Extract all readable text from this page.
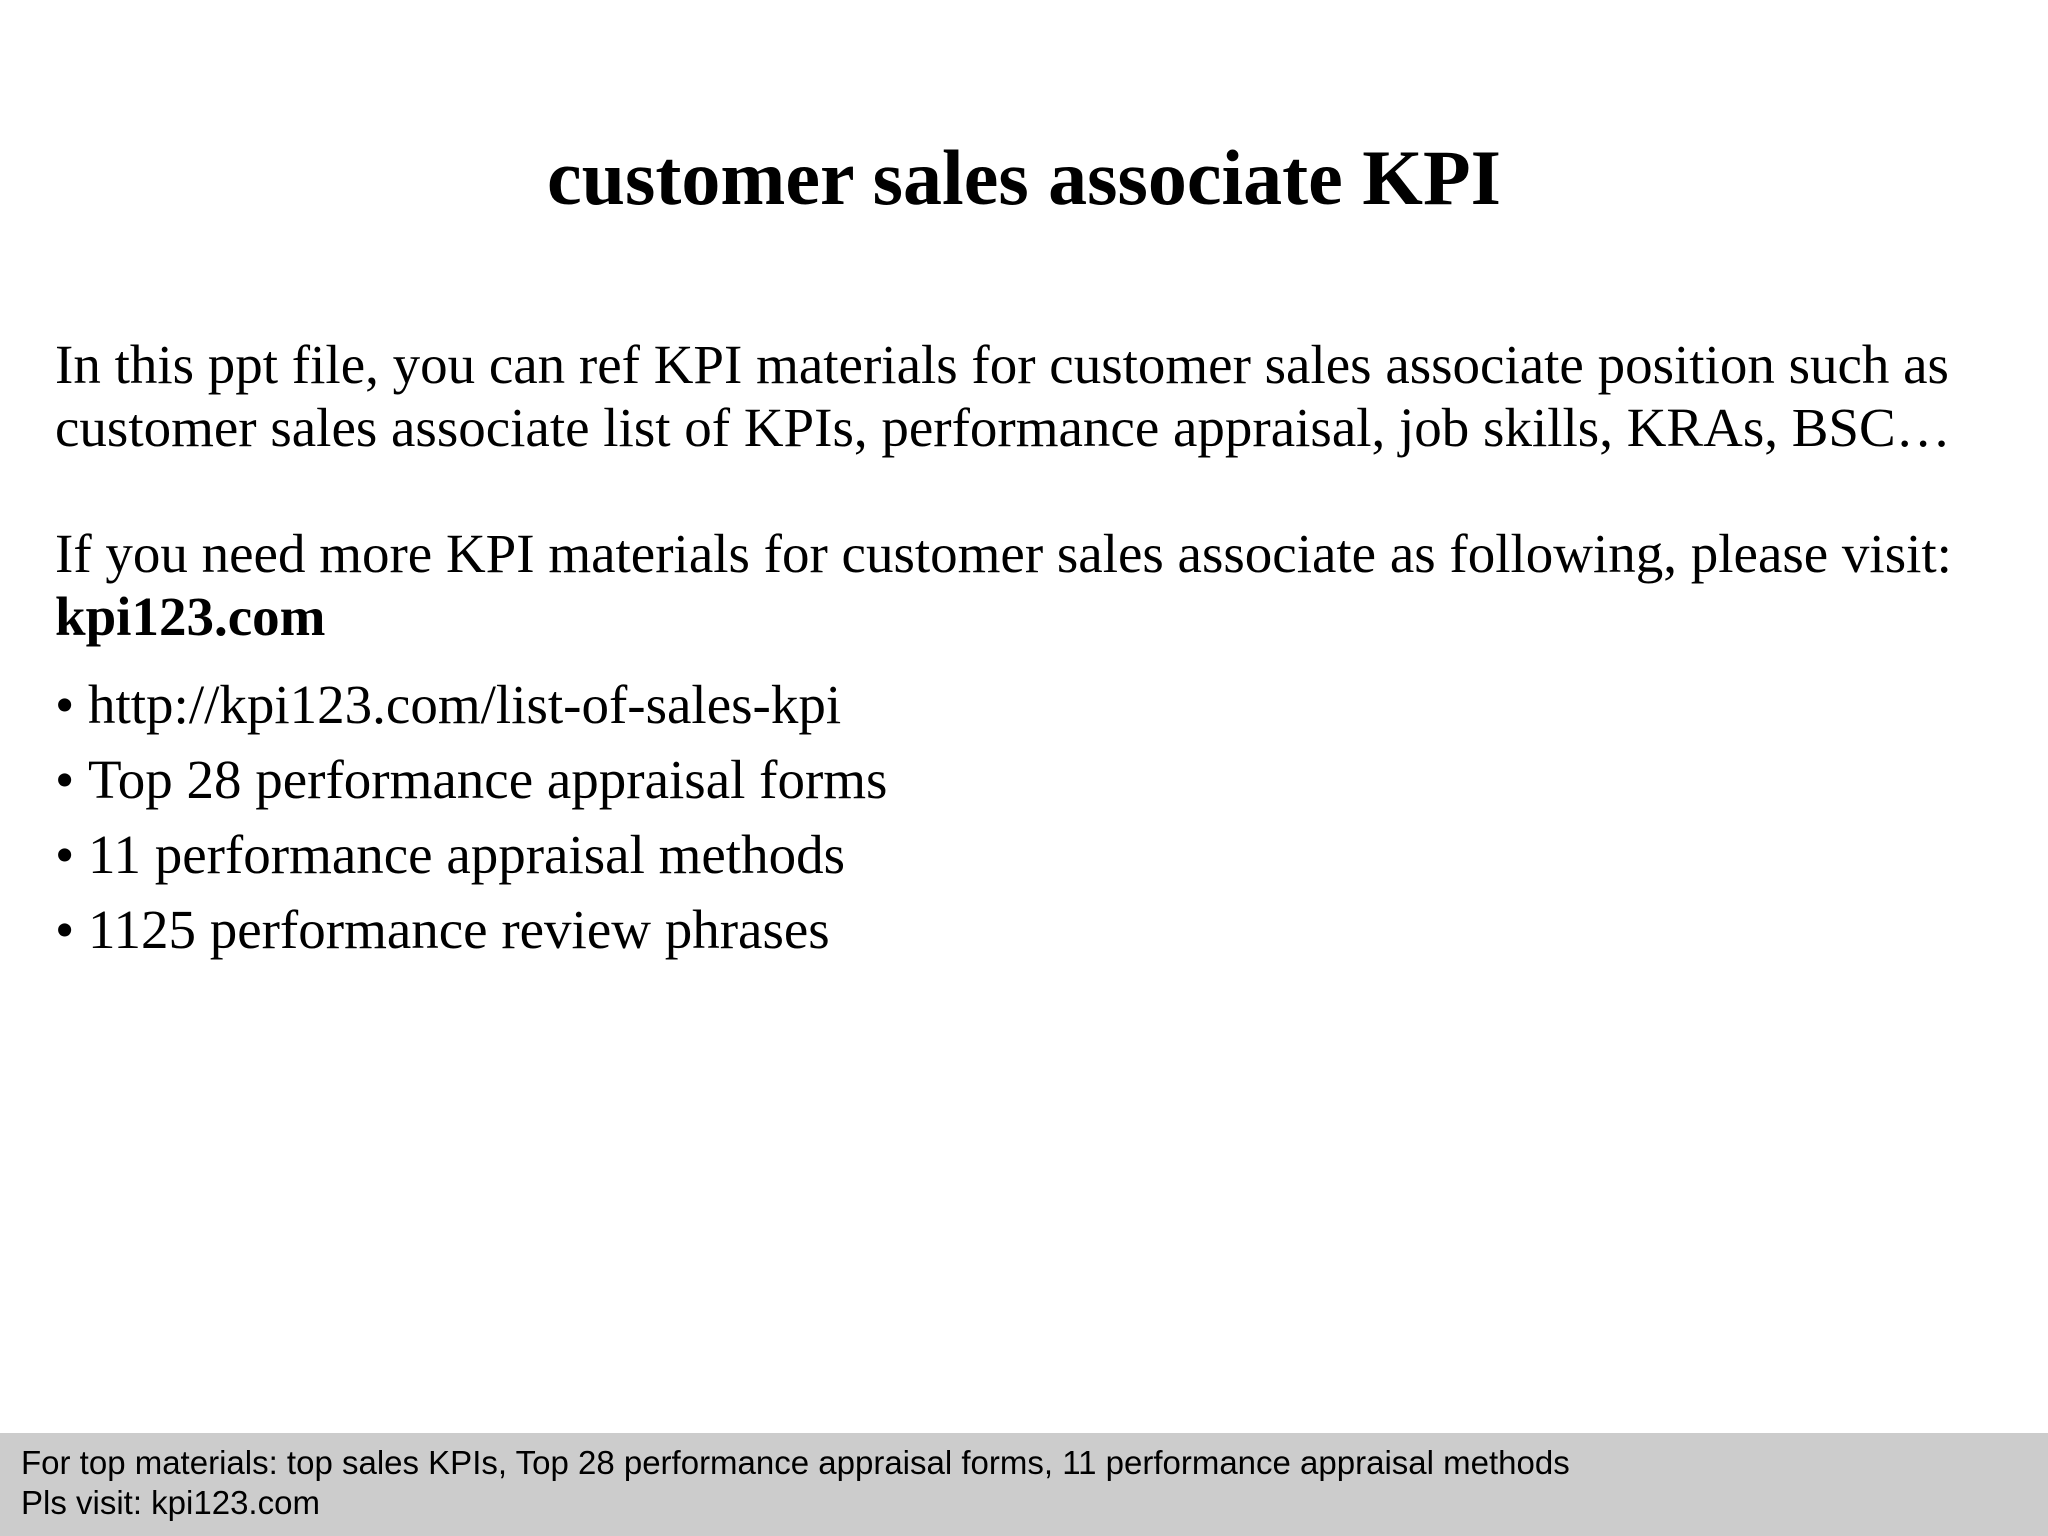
customer sales associate KPI

In this ppt file, you can ref KPI materials for customer sales associate position such as customer sales associate list of KPIs, performance appraisal, job skills, KRAs, BSC…

If you need more KPI materials for customer sales associate as following, please visit: kpi123.com

• http://kpi123.com/list-of-sales-kpi
• Top 28 performance appraisal forms
• 11 performance appraisal methods
• 1125 performance review phrases
For top materials: top sales KPIs, Top 28 performance appraisal forms, 11 performance appraisal methods
Pls visit: kpi123.com
